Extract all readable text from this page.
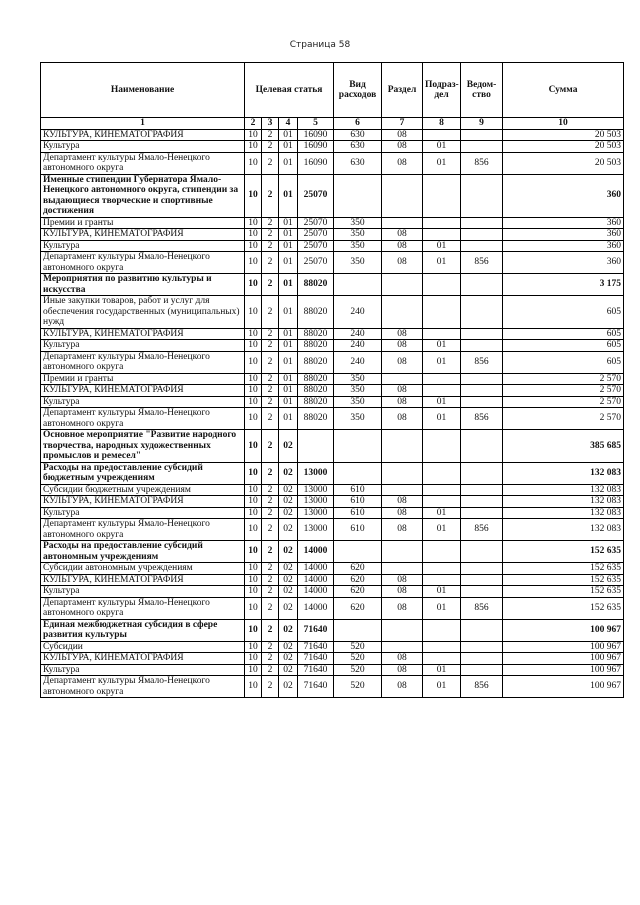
Страница 58
Наименование	Целевая статья				Вид расходов	Раздел	Подраз-дел	Ведом-ство	Сумма
1	2	3	4	5	6	7	8	9	10
КУЛЬТУРА, КИНЕМАТОГРАФИЯ	10	2	01	16090	630	08			20 503
Культура	10	2	01	16090	630	08	01		20 503
Департамент культуры Ямало-Ненецкого автономного округа	10	2	01	16090	630	08	01	856	20 503
Именные стипендии Губернатора Ямало-Ненецкого автономного округа, стипендии за выдающиеся творческие и спортивные достижения	10	2	01	25070					360
Премии и гранты	10	2	01	25070	350				360
КУЛЬТУРА, КИНЕМАТОГРАФИЯ	10	2	01	25070	350	08			360
Культура	10	2	01	25070	350	08	01		360
Департамент культуры Ямало-Ненецкого автономного округа	10	2	01	25070	350	08	01	856	360
Мероприятия по развитию культуры и искусства	10	2	01	88020					3 175
Иные закупки товаров, работ и услуг для обеспечения государственных (муниципальных) нужд	10	2	01	88020	240				605
КУЛЬТУРА, КИНЕМАТОГРАФИЯ	10	2	01	88020	240	08			605
Культура	10	2	01	88020	240	08	01		605
Департамент культуры Ямало-Ненецкого автономного округа	10	2	01	88020	240	08	01	856	605
Премии и гранты	10	2	01	88020	350				2 570
КУЛЬТУРА, КИНЕМАТОГРАФИЯ	10	2	01	88020	350	08			2 570
Культура	10	2	01	88020	350	08	01		2 570
Департамент культуры Ямало-Ненецкого автономного округа	10	2	01	88020	350	08	01	856	2 570
Основное мероприятие "Развитие народного творчества, народных художественных промыслов и ремесел"	10	2	02						385 685
Расходы на предоставление субсидий бюджетным учреждениям	10	2	02	13000					132 083
Субсидии бюджетным учреждениям	10	2	02	13000	610				132 083
КУЛЬТУРА, КИНЕМАТОГРАФИЯ	10	2	02	13000	610	08			132 083
Культура	10	2	02	13000	610	08	01		132 083
Департамент культуры Ямало-Ненецкого автономного округа	10	2	02	13000	610	08	01	856	132 083
Расходы на предоставление субсидий автономным учреждениям	10	2	02	14000					152 635
Субсидии автономным учреждениям	10	2	02	14000	620				152 635
КУЛЬТУРА, КИНЕМАТОГРАФИЯ	10	2	02	14000	620	08			152 635
Культура	10	2	02	14000	620	08	01		152 635
Департамент культуры Ямало-Ненецкого автономного округа	10	2	02	14000	620	08	01	856	152 635
Единая межбюджетная субсидия в сфере развития культуры	10	2	02	71640					100 967
Субсидии	10	2	02	71640	520				100 967
КУЛЬТУРА, КИНЕМАТОГРАФИЯ	10	2	02	71640	520	08			100 967
Культура	10	2	02	71640	520	08	01		100 967
Департамент культуры Ямало-Ненецкого автономного округа	10	2	02	71640	520	08	01	856	100 967
